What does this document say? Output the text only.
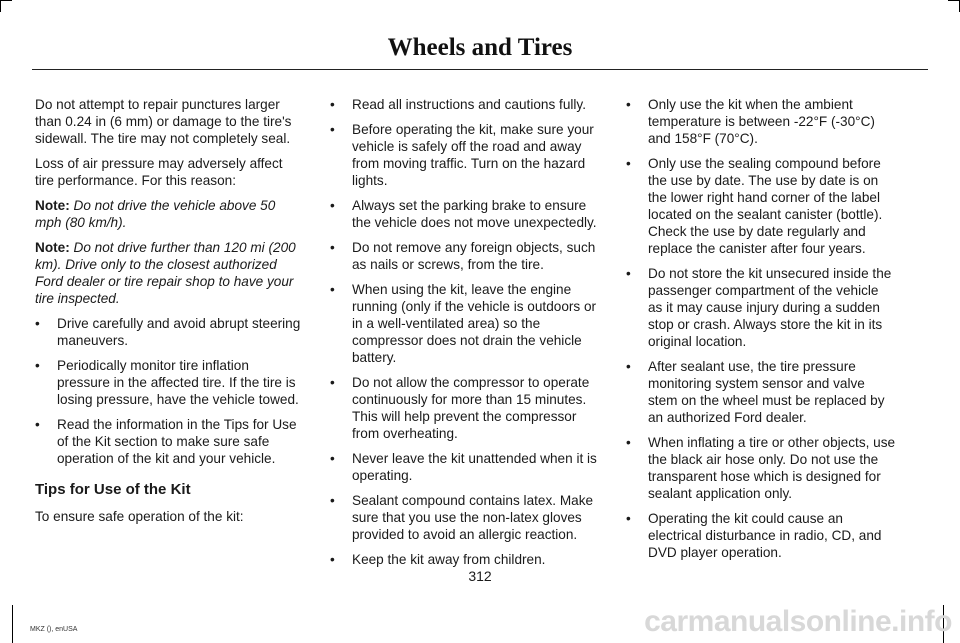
Wheels and Tires

Do not attempt to repair punctures larger than 0.24 in (6 mm) or damage to the tire's sidewall. The tire may not completely seal.

Loss of air pressure may adversely affect tire performance. For this reason:

Note: Do not drive the vehicle above 50 mph (80 km/h).

Note: Do not drive further than 120 mi (200 km). Drive only to the closest authorized Ford dealer or tire repair shop to have your tire inspected.

• Drive carefully and avoid abrupt steering maneuvers.
• Periodically monitor tire inflation pressure in the affected tire. If the tire is losing pressure, have the vehicle towed.
• Read the information in the Tips for Use of the Kit section to make sure safe operation of the kit and your vehicle.
Tips for Use of the Kit

To ensure safe operation of the kit:

• Read all instructions and cautions fully.
• Before operating the kit, make sure your vehicle is safely off the road and away from moving traffic. Turn on the hazard lights.
• Always set the parking brake to ensure the vehicle does not move unexpectedly.
• Do not remove any foreign objects, such as nails or screws, from the tire.
• When using the kit, leave the engine running (only if the vehicle is outdoors or in a well-ventilated area) so the compressor does not drain the vehicle battery.
• Do not allow the compressor to operate continuously for more than 15 minutes. This will help prevent the compressor from overheating.
• Never leave the kit unattended when it is operating.
• Sealant compound contains latex. Make sure that you use the non-latex gloves provided to avoid an allergic reaction.
• Keep the kit away from children.
• Only use the kit when the ambient temperature is between -22°F (-30°C) and 158°F (70°C).
• Only use the sealing compound before the use by date. The use by date is on the lower right hand corner of the label located on the sealant canister (bottle). Check the use by date regularly and replace the canister after four years.
• Do not store the kit unsecured inside the passenger compartment of the vehicle as it may cause injury during a sudden stop or crash. Always store the kit in its original location.
• After sealant use, the tire pressure monitoring system sensor and valve stem on the wheel must be replaced by an authorized Ford dealer.
• When inflating a tire or other objects, use the black air hose only. Do not use the transparent hose which is designed for sealant application only.
• Operating the kit could cause an electrical disturbance in radio, CD, and DVD player operation.
312
MKZ (), enUSA	carmanualsonline.info
